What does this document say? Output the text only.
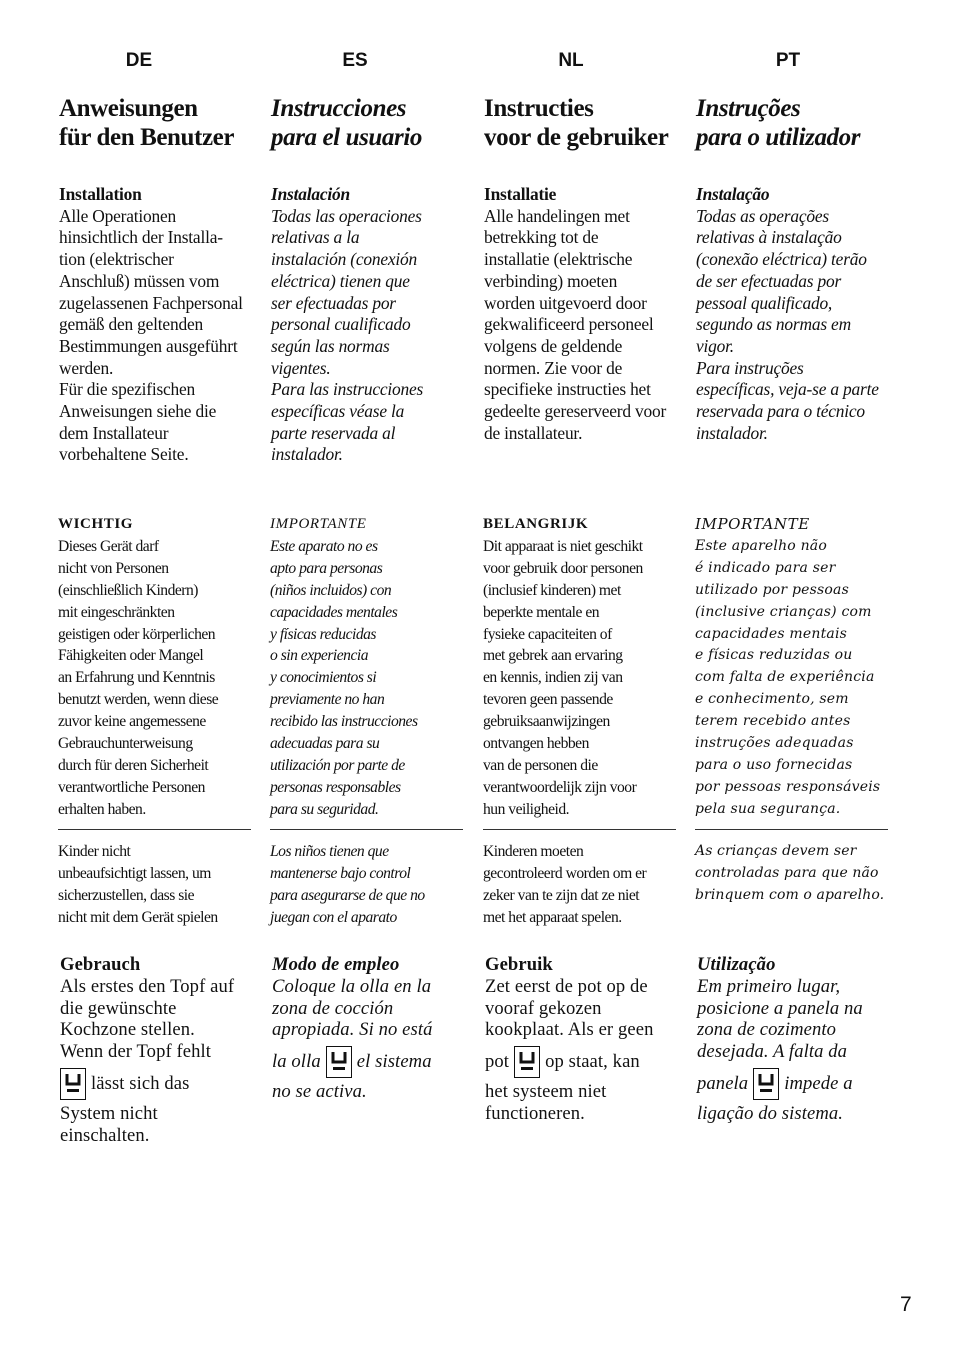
DE

Anweisungen

für den Benutzer

Installation

Alle Operationen

hinsichtlich der Installa-

tion (elektrischer

Anschluß) müssen vom

zugelassenen Fachpersonal

gemäß den geltenden

Bestimmungen ausgeführt

werden.

Für die spezifischen

Anweisungen siehe die

dem Installateur

vorbehaltene Seite.

WICHTIG

Dieses Gerät darf

nicht von Personen

(einschließlich Kindern)

mit eingeschränkten

geistigen oder körperlichen

Fähigkeiten oder Mangel

an Erfahrung und Kenntnis

benutzt werden, wenn diese

zuvor keine angemessene

Gebrauchunterweisung

durch für deren Sicherheit

verantwortliche Personen

erhalten haben.

Kinder nicht

unbeaufsichtigt lassen, um

sicherzustellen, dass sie

nicht mit dem Gerät spielen

Gebrauch

Als erstes den Topf auf

die gewünschte

Kochzone stellen.

Wenn der Topf fehlt

lässt sich das

System nicht

einschalten.

ES

Instrucciones

para el usuario

Instalación

Todas las operaciones

relativas a la

instalación (conexión

eléctrica) tienen que

ser efectuadas por

personal cualificado

según las normas

vigentes.

Para las instrucciones

específicas véase la

parte reservada al

instalador.

IMPORTANTE

Este aparato no es

apto para personas

(niños incluidos) con

capacidades mentales

y físicas reducidas

o sin experiencia

y conocimientos si

previamente no han

recibido las instrucciones

adecuadas para su

utilización por parte de

personas responsables

para su seguridad.

Los niños tienen que

mantenerse bajo control

para asegurarse de que no

juegan con el aparato

Modo de empleo

Coloque la olla en la

zona de cocción

apropiada. Si no está

la olla el sistema

no se activa.

NL

Instructies

voor de gebruiker

Installatie

Alle handelingen met

betrekking tot de

installatie (elektrische

verbinding) moeten

worden uitgevoerd door

gekwalificeerd personeel

volgens de geldende

normen. Zie voor de

specifieke instructies het

gedeelte gereserveerd voor

de installateur.

BELANGRIJK

Dit apparaat is niet geschikt

voor gebruik door personen

(inclusief kinderen) met

beperkte mentale en

fysieke capaciteiten of

met gebrek aan ervaring

en kennis, indien zij van

tevoren geen passende

gebruiksaanwijzingen

ontvangen hebben

van de personen die

verantwoordelijk zijn voor

hun veiligheid.

Kinderen moeten

gecontroleerd worden om er

zeker van te zijn dat ze niet

met het apparaat spelen.

Gebruik

Zet eerst de pot op de

vooraf gekozen

kookplaat. Als er geen

pot op staat, kan

het systeem niet

functioneren.

PT

Instruções

para o utilizador

Instalação

Todas as operações

relativas à instalação

(conexão eléctrica) terão

de ser efectuadas por

pessoal qualificado,

segundo as normas em

vigor.

Para instruções

específicas, veja-se a parte

reservada para o técnico

instalador.

IMPORTANTE

Este aparelho não

é indicado para ser

utilizado por pessoas

(inclusive crianças) com

capacidades mentais

e físicas reduzidas ou

com falta de experiência

e conhecimento, sem

terem recebido antes

instruções adequadas

para o uso fornecidas

por pessoas responsáveis

pela sua segurança.

As crianças devem ser

controladas para que não

brinquem com o aparelho.

Utilização

Em primeiro lugar,

posicione a panela na

zona de cozimento

desejada. A falta da

panela impede a

ligação do sistema.

7
